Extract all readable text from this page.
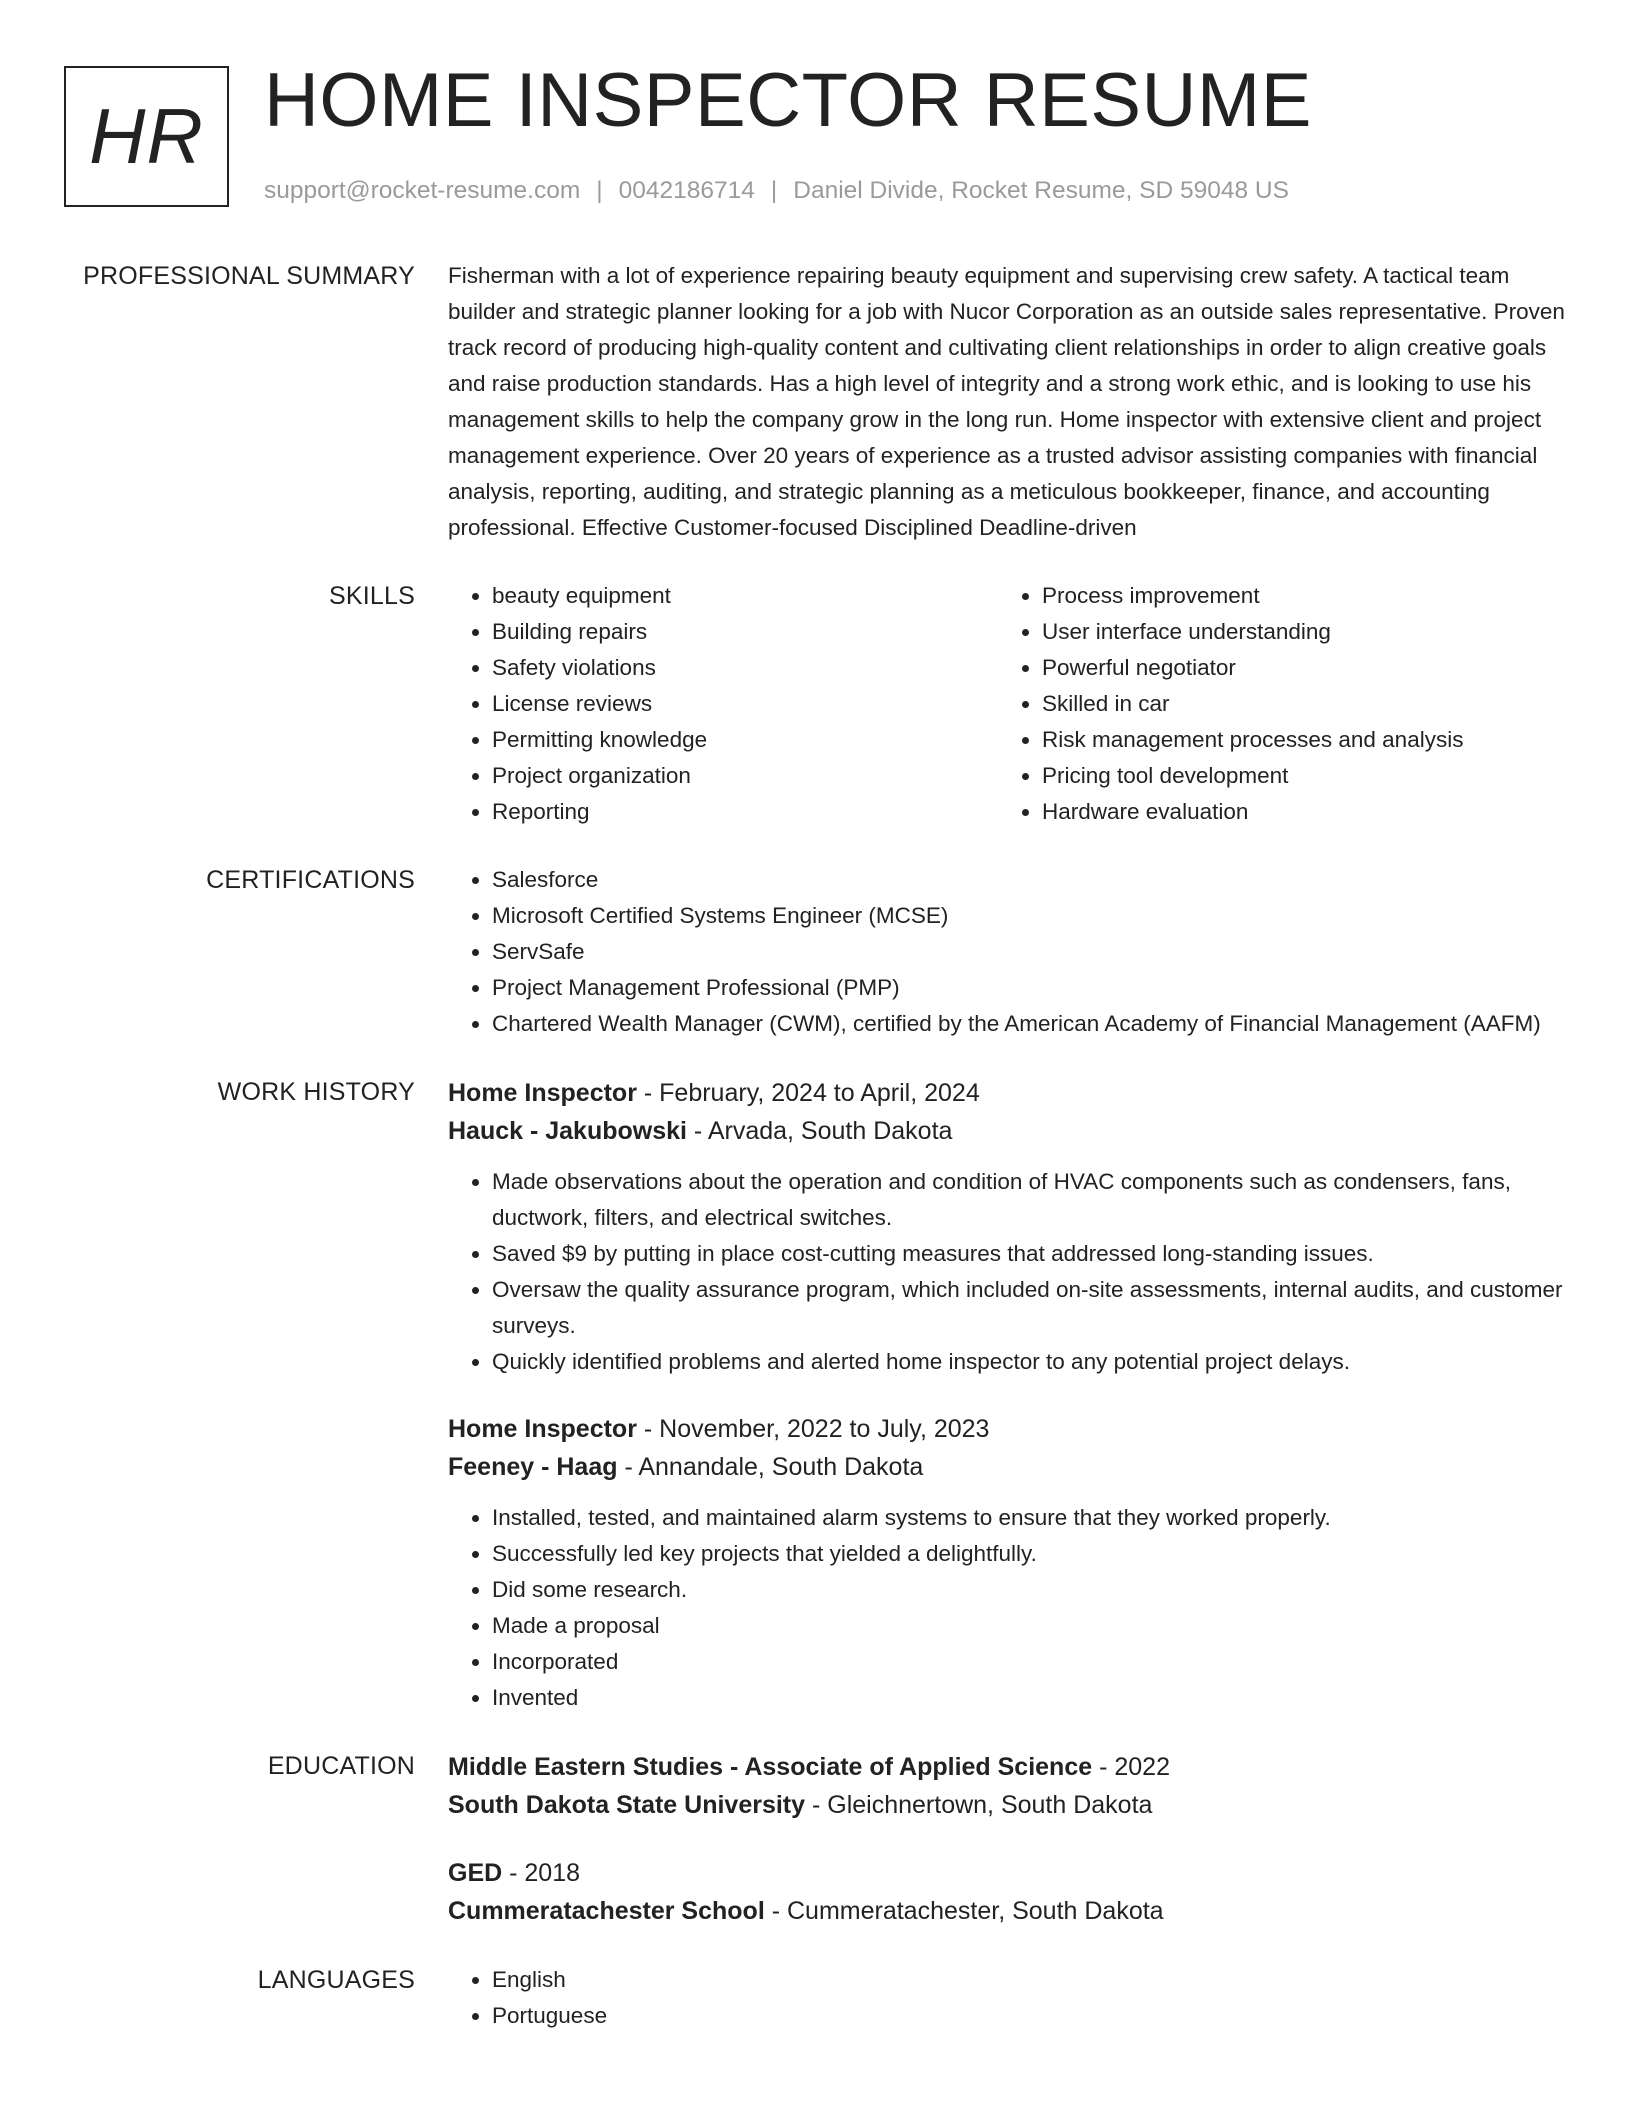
HR HOME INSPECTOR RESUME
support@rocket-resume.com | 0042186714 | Daniel Divide, Rocket Resume, SD 59048 US
PROFESSIONAL SUMMARY Fisherman with a lot of experience repairing beauty equipment and supervising crew safety. A tactical team builder and strategic planner looking for a job with Nucor Corporation as an outside sales representative. Proven track record of producing high-quality content and cultivating client relationships in order to align creative goals and raise production standards. Has a high level of integrity and a strong work ethic, and is looking to use his management skills to help the company grow in the long run. Home inspector with extensive client and project management experience. Over 20 years of experience as a trusted advisor assisting companies with financial analysis, reporting, auditing, and strategic planning as a meticulous bookkeeper, finance, and accounting professional. Effective Customer-focused Disciplined Deadline-driven

SKILLS	• beauty equipment
• Building repairs
• Safety violations
• License reviews
• Permitting knowledge
• Project organization
• Reporting
• Process improvement
• User interface understanding
• Powerful negotiator
• Skilled in car
• Risk management processes and analysis
• Pricing tool development
• Hardware evaluation
CERTIFICATIONS	• Salesforce
• Microsoft Certified Systems Engineer (MCSE)
• ServSafe
• Project Management Professional (PMP)
• Chartered Wealth Manager (CWM), certified by the American Academy of Financial Management (AAFM)
WORK HISTORY Home Inspector - February, 2024 to April, 2024
Hauck - Jakubowski - Arvada, South Dakota
• Made observations about the operation and condition of HVAC components such as condensers, fans, ductwork, filters, and electrical switches.
• Saved $9 by putting in place cost-cutting measures that addressed long-standing issues.
• Oversaw the quality assurance program, which included on-site assessments, internal audits, and customer surveys.
• Quickly identified problems and alerted home inspector to any potential project delays.
Home Inspector - November, 2022 to July, 2023
Feeney - Haag - Annandale, South Dakota
• Installed, tested, and maintained alarm systems to ensure that they worked properly.
• Successfully led key projects that yielded a delightfully.
• Did some research.
• Made a proposal
• Incorporated
• Invented
EDUCATION Middle Eastern Studies - Associate of Applied Science - 2022
South Dakota State University - Gleichnertown, South Dakota
GED - 2018
Cummeratachester School - Cummeratachester, South Dakota
LANGUAGES	• English
• Portuguese
